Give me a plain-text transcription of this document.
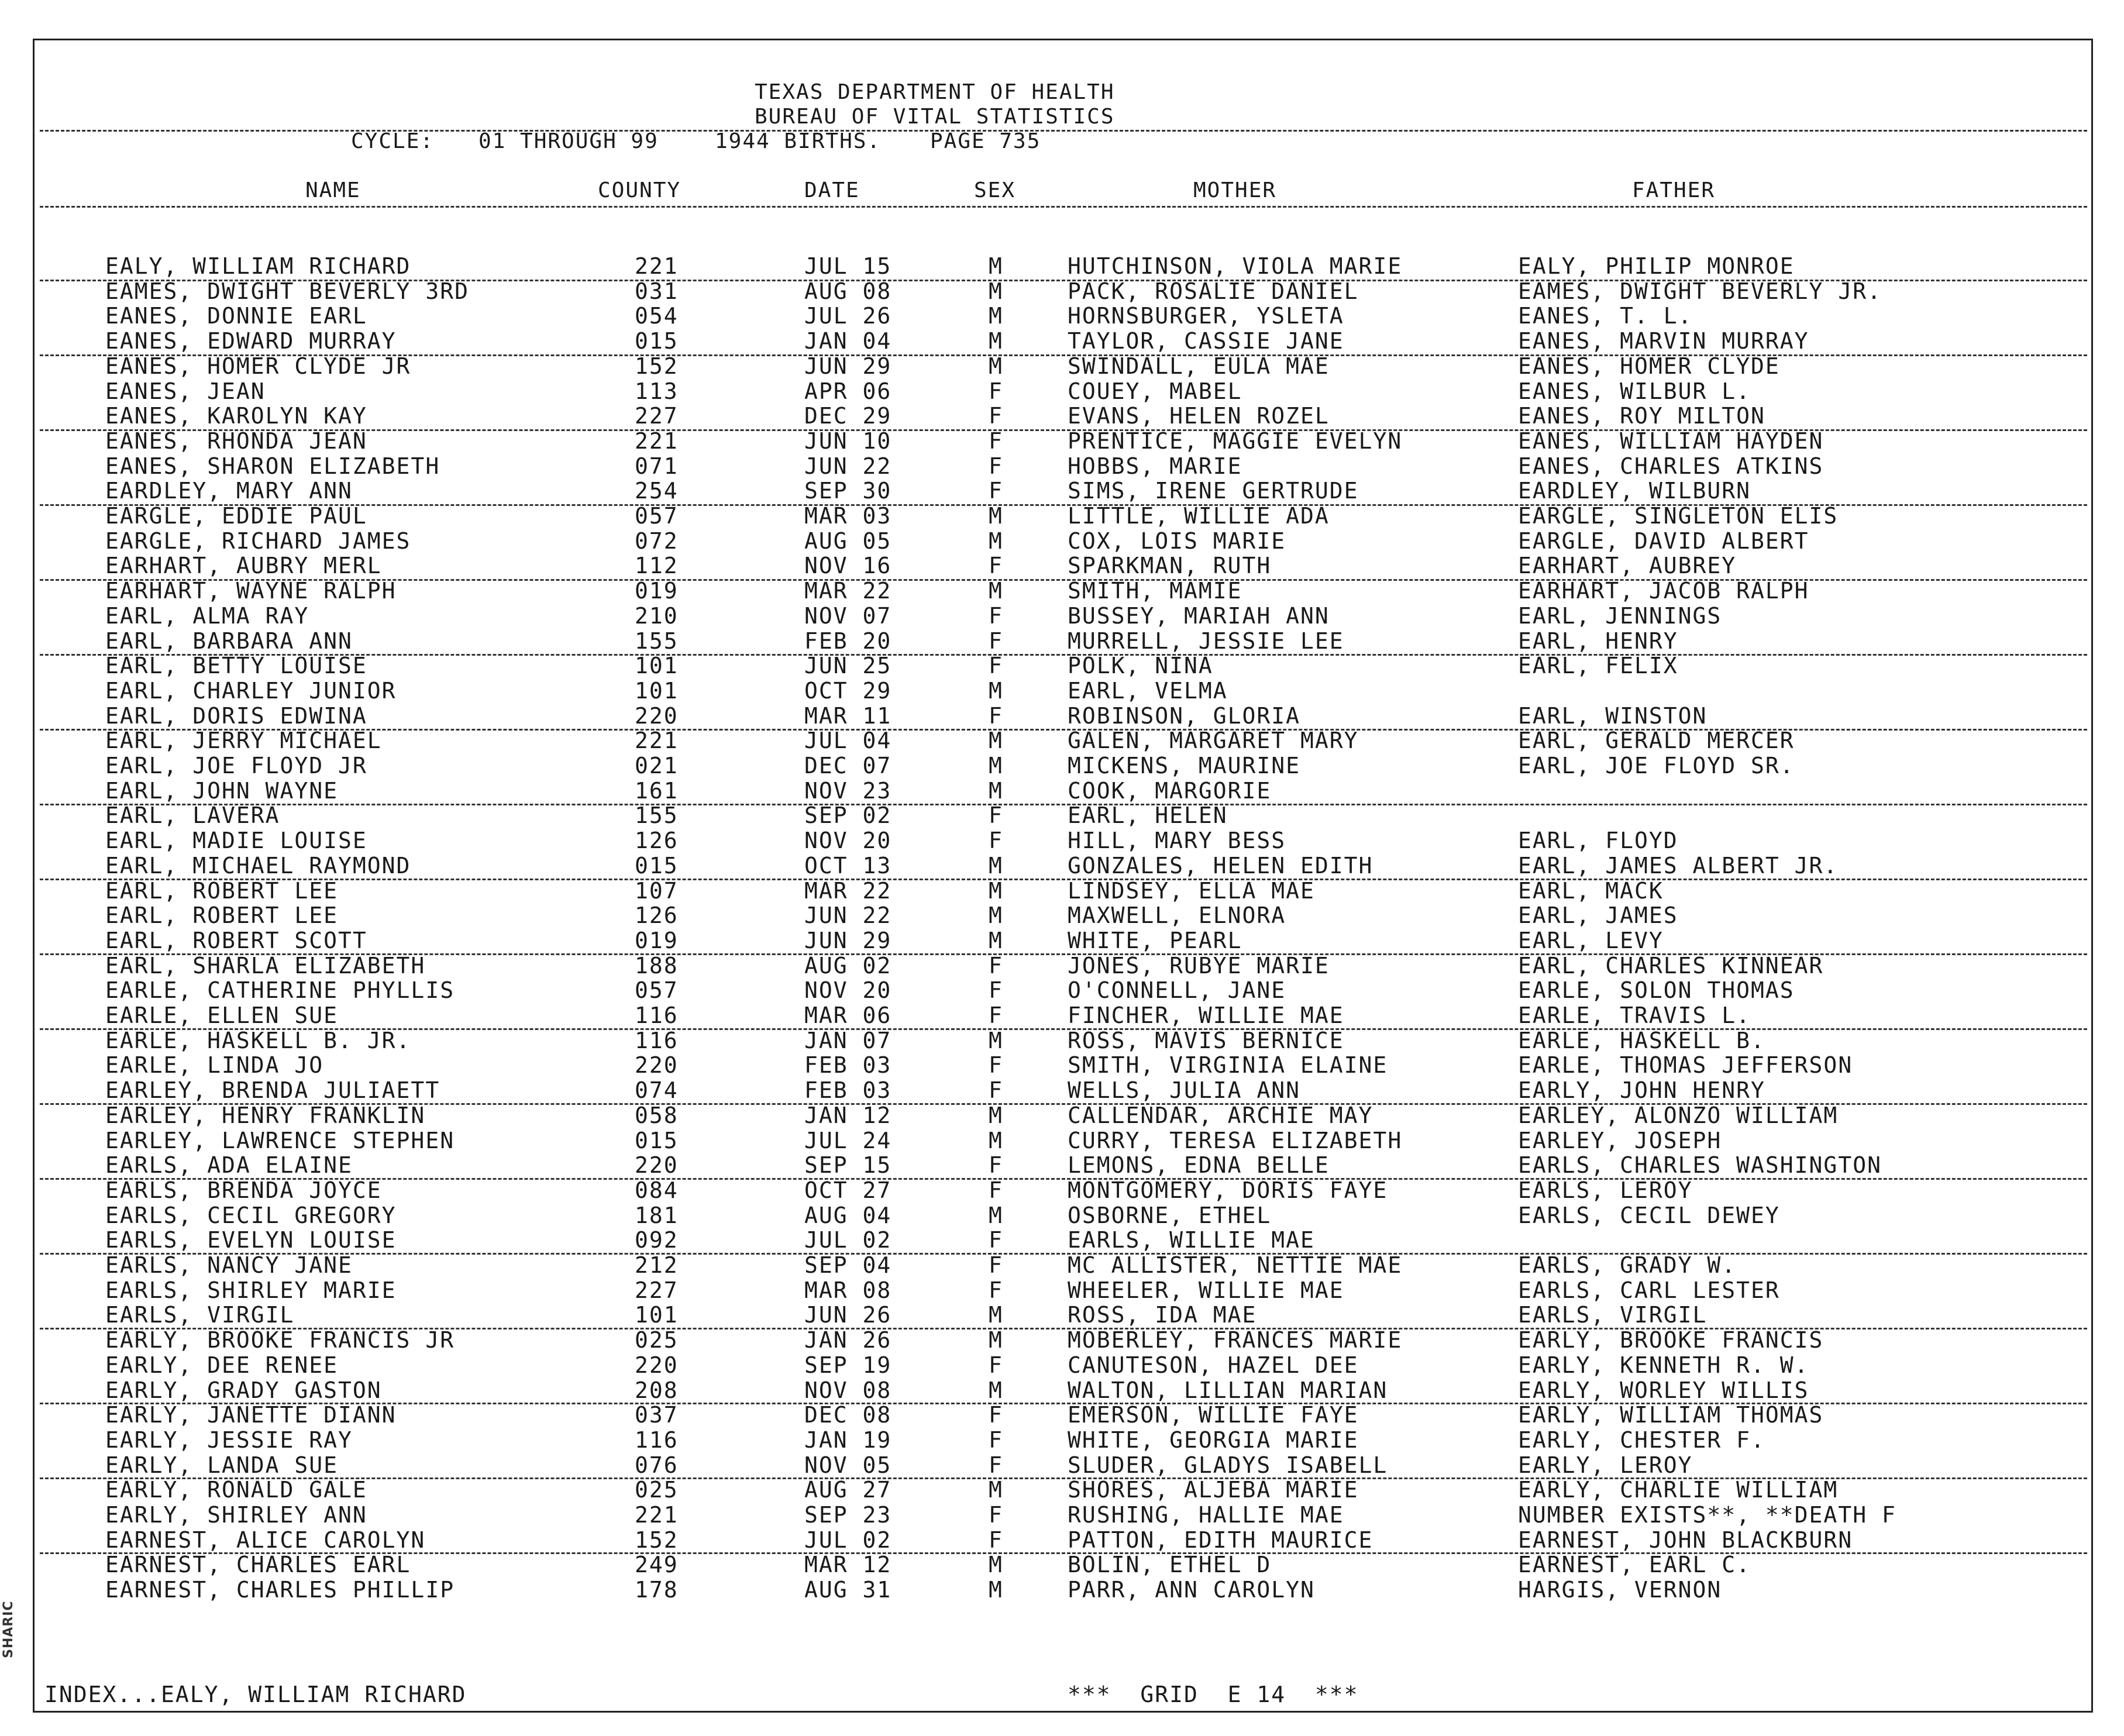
SHARIC
TEXAS DEPARTMENT OF HEALTH
BUREAU OF VITAL STATISTICS
CYCLE: 01 THROUGH 99	1944 BIRTHS. PAGE 735
NAME	COUNTY	DATE	SEX	MOTHER	FATHER
EALY, WILLIAM RICHARD	221	JUL 15	M	HUTCHINSON, VIOLA MARIE	EALY, PHILIP MONROE
EAMES, DWIGHT BEVERLY 3RD	031	AUG 08	M	PACK, ROSALIE DANIEL	EAMES, DWIGHT BEVERLY JR.
EANES, DONNIE EARL	054	JUL 26	M	HORNSBURGER, YSLETA	EANES, T. L.
EANES, EDWARD MURRAY	015	JAN 04	M	TAYLOR, CASSIE JANE	EANES, MARVIN MURRAY
EANES, HOMER CLYDE JR	152	JUN 29	M	SWINDALL, EULA MAE	EANES, HOMER CLYDE
EANES, JEAN	113	APR 06	F	COUEY, MABEL	EANES, WILBUR L.
EANES, KAROLYN KAY	227	DEC 29	F	EVANS, HELEN ROZEL	EANES, ROY MILTON
EANES, RHONDA JEAN	221	JUN 10	F	PRENTICE, MAGGIE EVELYN	EANES, WILLIAM HAYDEN
EANES, SHARON ELIZABETH	071	JUN 22	F	HOBBS, MARIE	EANES, CHARLES ATKINS
EARDLEY, MARY ANN	254	SEP 30	F	SIMS, IRENE GERTRUDE	EARDLEY, WILBURN
EARGLE, EDDIE PAUL	057	MAR 03	M	LITTLE, WILLIE ADA	EARGLE, SINGLETON ELIS
EARGLE, RICHARD JAMES	072	AUG 05	M	COX, LOIS MARIE	EARGLE, DAVID ALBERT
EARHART, AUBRY MERL	112	NOV 16	F	SPARKMAN, RUTH	EARHART, AUBREY
EARHART, WAYNE RALPH	019	MAR 22	M	SMITH, MAMIE	EARHART, JACOB RALPH
EARL, ALMA RAY	210	NOV 07	F	BUSSEY, MARIAH ANN	EARL, JENNINGS
EARL, BARBARA ANN	155	FEB 20	F	MURRELL, JESSIE LEE	EARL, HENRY
EARL, BETTY LOUISE	101	JUN 25	F	POLK, NINA	EARL, FELIX
EARL, CHARLEY JUNIOR	101	OCT 29	M	EARL, VELMA
EARL, DORIS EDWINA	220	MAR 11	F	ROBINSON, GLORIA	EARL, WINSTON
EARL, JERRY MICHAEL	221	JUL 04	M	GALEN, MARGARET MARY	EARL, GERALD MERCER
EARL, JOE FLOYD JR	021	DEC 07	M	MICKENS, MAURINE	EARL, JOE FLOYD SR.
EARL, JOHN WAYNE	161	NOV 23	M	COOK, MARGORIE
EARL, LAVERA	155	SEP 02	F	EARL, HELEN
EARL, MADIE LOUISE	126	NOV 20	F	HILL, MARY BESS	EARL, FLOYD
EARL, MICHAEL RAYMOND	015	OCT 13	M	GONZALES, HELEN EDITH	EARL, JAMES ALBERT JR.
EARL, ROBERT LEE	107	MAR 22	M	LINDSEY, ELLA MAE	EARL, MACK
EARL, ROBERT LEE	126	JUN 22	M	MAXWELL, ELNORA	EARL, JAMES
EARL, ROBERT SCOTT	019	JUN 29	M	WHITE, PEARL	EARL, LEVY
EARL, SHARLA ELIZABETH	188	AUG 02	F	JONES, RUBYE MARIE	EARL, CHARLES KINNEAR
EARLE, CATHERINE PHYLLIS	057	NOV 20	F	O'CONNELL, JANE	EARLE, SOLON THOMAS
EARLE, ELLEN SUE	116	MAR 06	F	FINCHER, WILLIE MAE	EARLE, TRAVIS L.
EARLE, HASKELL B. JR.	116	JAN 07	M	ROSS, MAVIS BERNICE	EARLE, HASKELL B.
EARLE, LINDA JO	220	FEB 03	F	SMITH, VIRGINIA ELAINE	EARLE, THOMAS JEFFERSON
EARLEY, BRENDA JULIAETT	074	FEB 03	F	WELLS, JULIA ANN	EARLY, JOHN HENRY
EARLEY, HENRY FRANKLIN	058	JAN 12	M	CALLENDAR, ARCHIE MAY	EARLEY, ALONZO WILLIAM
EARLEY, LAWRENCE STEPHEN	015	JUL 24	M	CURRY, TERESA ELIZABETH	EARLEY, JOSEPH
EARLS, ADA ELAINE	220	SEP 15	F	LEMONS, EDNA BELLE	EARLS, CHARLES WASHINGTON
EARLS, BRENDA JOYCE	084	OCT 27	F	MONTGOMERY, DORIS FAYE	EARLS, LEROY
EARLS, CECIL GREGORY	181	AUG 04	M	OSBORNE, ETHEL	EARLS, CECIL DEWEY
EARLS, EVELYN LOUISE	092	JUL 02	F	EARLS, WILLIE MAE
EARLS, NANCY JANE	212	SEP 04	F	MC ALLISTER, NETTIE MAE	EARLS, GRADY W.
EARLS, SHIRLEY MARIE	227	MAR 08	F	WHEELER, WILLIE MAE	EARLS, CARL LESTER
EARLS, VIRGIL	101	JUN 26	M	ROSS, IDA MAE	EARLS, VIRGIL
EARLY, BROOKE FRANCIS JR	025	JAN 26	M	MOBERLEY, FRANCES MARIE	EARLY, BROOKE FRANCIS
EARLY, DEE RENEE	220	SEP 19	F	CANUTESON, HAZEL DEE	EARLY, KENNETH R. W.
EARLY, GRADY GASTON	208	NOV 08	M	WALTON, LILLIAN MARIAN	EARLY, WORLEY WILLIS
EARLY, JANETTE DIANN	037	DEC 08	F	EMERSON, WILLIE FAYE	EARLY, WILLIAM THOMAS
EARLY, JESSIE RAY	116	JAN 19	F	WHITE, GEORGIA MARIE	EARLY, CHESTER F.
EARLY, LANDA SUE	076	NOV 05	F	SLUDER, GLADYS ISABELL	EARLY, LEROY
EARLY, RONALD GALE	025	AUG 27	M	SHORES, ALJEBA MARIE	EARLY, CHARLIE WILLIAM
EARLY, SHIRLEY ANN	221	SEP 23	F	RUSHING, HALLIE MAE	NUMBER EXISTS**, **DEATH F
EARNEST, ALICE CAROLYN	152	JUL 02	F	PATTON, EDITH MAURICE	EARNEST, JOHN BLACKBURN
EARNEST, CHARLES EARL	249	MAR 12	M	BOLIN, ETHEL D	EARNEST, EARL C.
EARNEST, CHARLES PHILLIP	178	AUG 31	M	PARR, ANN CAROLYN	HARGIS, VERNON
INDEX...EALY, WILLIAM RICHARD	***  GRID  E 14  ***
